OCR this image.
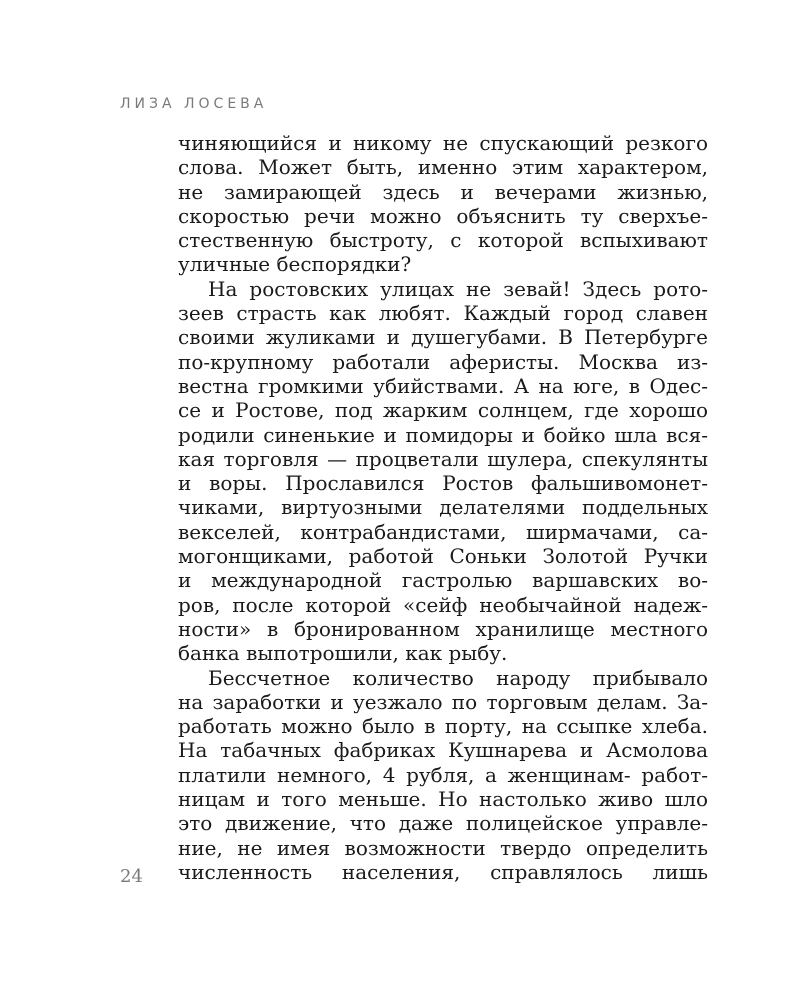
ЛИЗА ЛОСЕВА
чиняющийся и никому не спускающий резкого
слова. Может быть, именно этим характером,
не замирающей здесь и вечерами жизнью,
скоростью речи можно объяснить ту сверхъе-
стественную быстроту, с которой вспыхивают
уличные беспорядки?
На ростовских улицах не зевай! Здесь рото-
зеев страсть как любят. Каждый город славен
своими жуликами и душегубами. В Петербурге
по-крупному работали аферисты. Москва из-
вестна громкими убийствами. А на юге, в Одес-
се и Ростове, под жарким солнцем, где хорошо
родили синенькие и помидоры и бойко шла вся-
кая торговля — процветали шулера, спекулянты
и воры. Прославился Ростов фальшивомонет-
чиками, виртуозными делателями поддельных
векселей, контрабандистами, ширмачами, са-
могонщиками, работой Соньки Золотой Ручки
и международной гастролью варшавских во-
ров, после которой «сейф необычайной надеж-
ности» в бронированном хранилище местного
банка выпотрошили, как рыбу.
Бессчетное количество народу прибывало
на заработки и уезжало по торговым делам. За-
работать можно было в порту, на ссыпке хлеба.
На табачных фабриках Кушнарева и Асмолова
платили немного, 4 рубля, а женщинам- работ-
ницам и того меньше. Но настолько живо шло
это движение, что даже полицейское управле-
ние, не имея возможности твердо определить
численность населения, справлялось лишь
24
